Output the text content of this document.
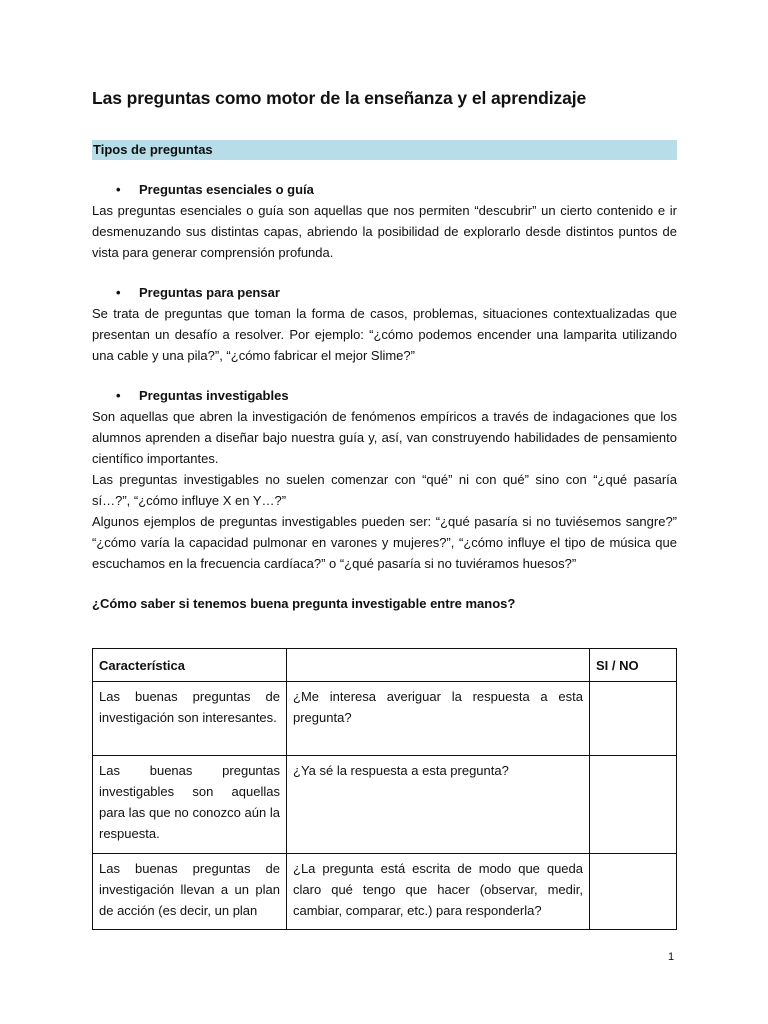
Las preguntas como motor de la enseñanza y el aprendizaje
Tipos de preguntas
• Preguntas esenciales o guía

Las preguntas esenciales o guía son aquellas que nos permiten “descubrir” un cierto contenido e ir desmenuzando sus distintas capas, abriendo la posibilidad de explorarlo desde distintos puntos de vista para generar comprensión profunda.

• Preguntas para pensar

Se trata de preguntas que toman la forma de casos, problemas, situaciones contextualizadas que presentan un desafío a resolver. Por ejemplo: “¿cómo podemos encender una lamparita utilizando una cable y una pila?”, “¿cómo fabricar el mejor Slime?”

• Preguntas investigables

Son aquellas que abren la investigación de fenómenos empíricos a través de indagaciones que los alumnos aprenden a diseñar bajo nuestra guía y, así, van construyendo habilidades de pensamiento científico importantes.

Las preguntas investigables no suelen comenzar con “qué” ni con qué” sino con “¿qué pasaría sí…?”, “¿cómo influye X en Y…?”

Algunos ejemplos de preguntas investigables pueden ser: “¿qué pasaría si no tuviésemos sangre?” “¿cómo varía la capacidad pulmonar en varones y mujeres?”, “¿cómo influye el tipo de música que escuchamos en la frecuencia cardíaca?” o “¿qué pasaría si no tuviéramos huesos?”

¿Cómo saber si tenemos buena pregunta investigable entre manos?
Característica		SI / NO
Las buenas preguntas de investigación son interesantes.	¿Me interesa averiguar la respuesta a esta pregunta?	
Las buenas preguntas investigables son aquellas para las que no conozco aún la respuesta.	¿Ya sé la respuesta a esta pregunta?	
Las buenas preguntas de investigación llevan a un plan de acción (es decir, un plan	¿La pregunta está escrita de modo que queda claro qué tengo que hacer (observar, medir, cambiar, comparar, etc.) para responderla?	
1
